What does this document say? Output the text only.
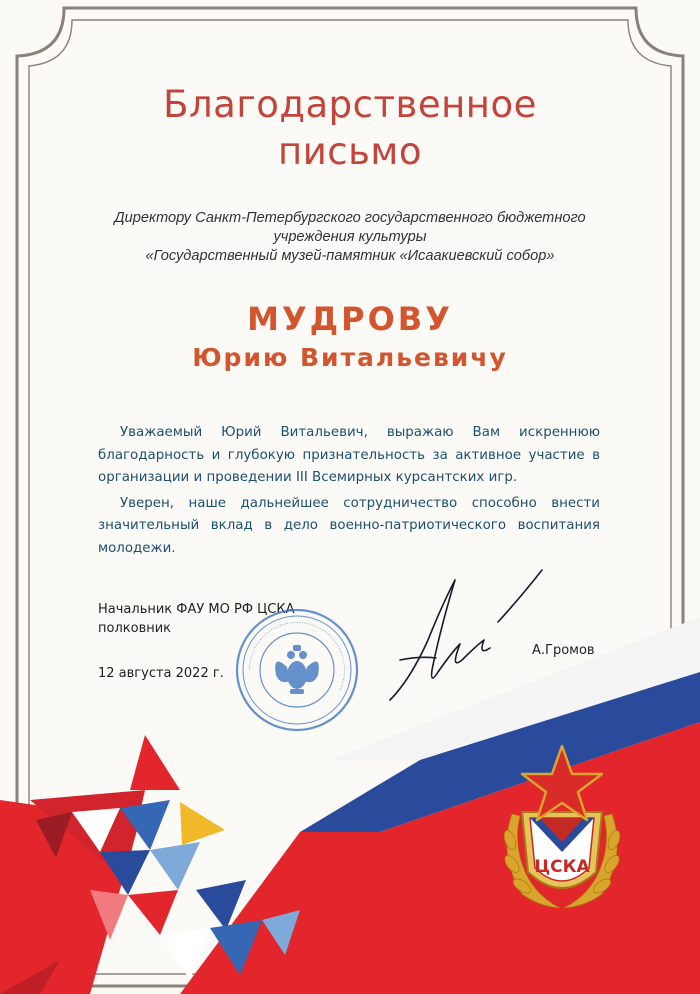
Благодарственное
письмо
Директору Санкт-Петербургского государственного бюджетного
учреждения культуры
«Государственный музей-памятник «Исаакиевский собор»
МУДРОВУ
Юрию Витальевичу

Уважаемый Юрий Витальевич, выражаю Вам искреннюю благодарность и глубокую признательность за активное участие в организации и проведении III Всемирных курсантских игр.

Уверен, наше дальнейшее сотрудничество способно внести значительный вклад в дело военно-патриотического воспитания молодежи.

Начальник ФАУ МО РФ ЦСКА
полковник
12 августа 2022 г.
А.Громов
·····································································
ЦСКА
